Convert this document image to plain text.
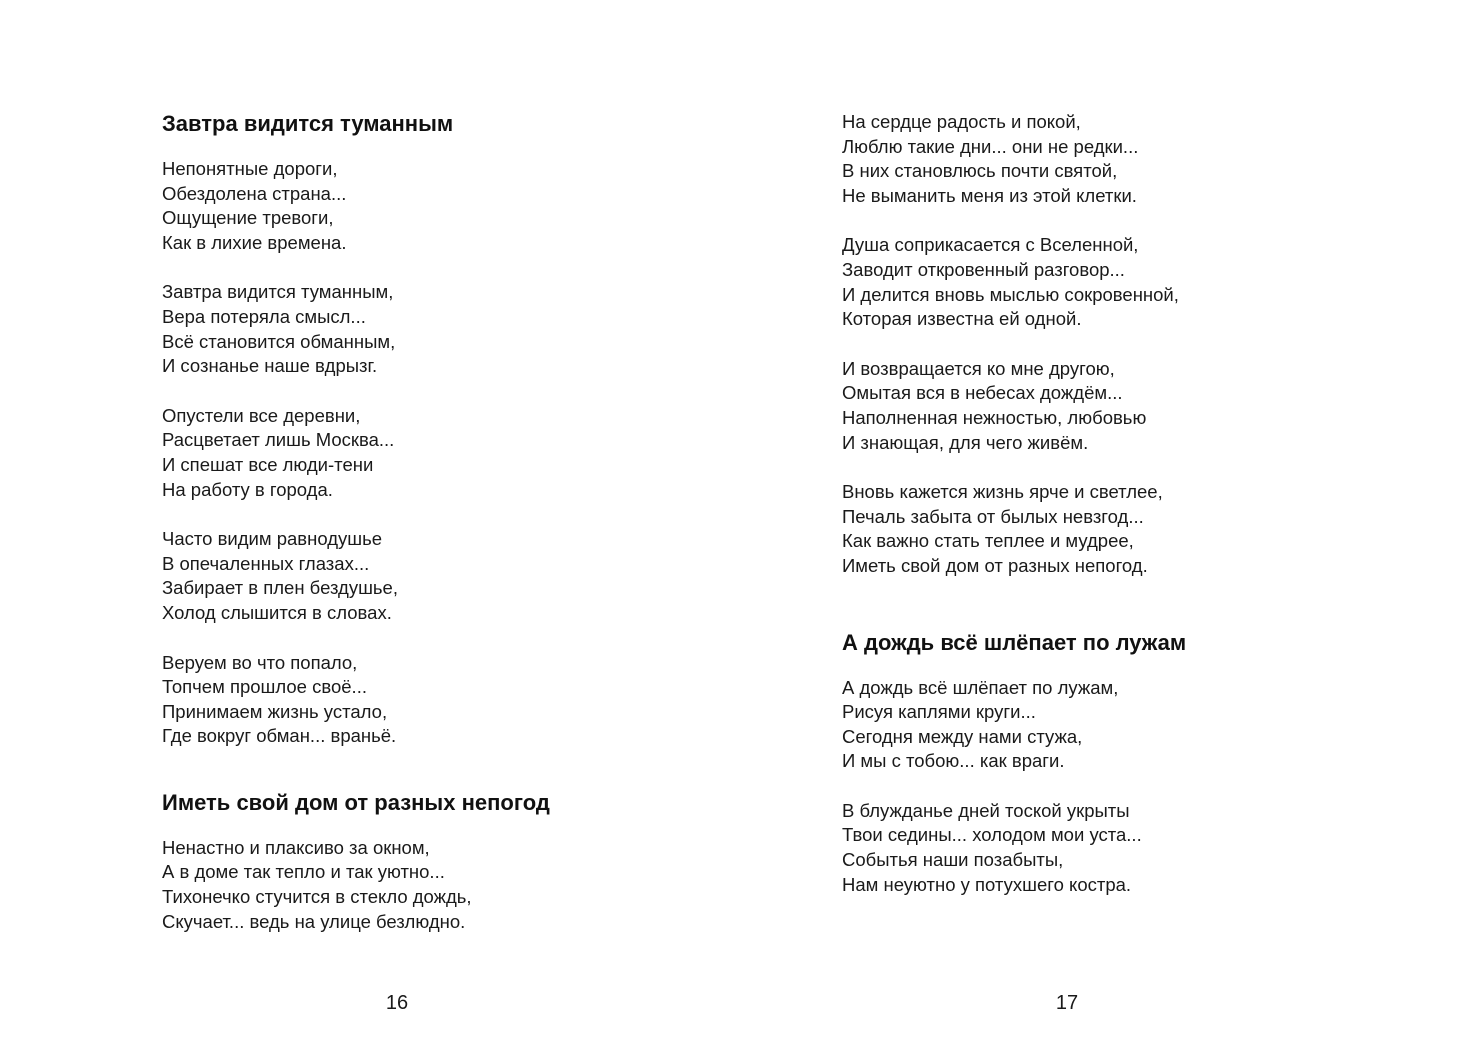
Завтра видится туманным
Непонятные дороги,
Обездолена страна...
Ощущение тревоги,
Как в лихие времена.
Завтра видится туманным,
Вера потеряла смысл...
Всё становится обманным,
И сознанье наше вдрызг.
Опустели все деревни,
Расцветает лишь Москва...
И спешат все люди-тени
На работу в города.
Часто видим равнодушье
В опечаленных глазах...
Забирает в плен бездушье,
Холод слышится в словах.
Веруем во что попало,
Топчем прошлое своё...
Принимаем жизнь устало,
Где вокруг обман... враньё.
Иметь свой дом от разных непогод
Ненастно и плаксиво за окном,
А в доме так тепло и так уютно...
Тихонечко стучится в стекло дождь,
Скучает... ведь на улице безлюдно.
16
На сердце радость и покой,
Люблю такие дни... они не редки...
В них становлюсь почти святой,
Не выманить меня из этой клетки.
Душа соприкасается с Вселенной,
Заводит откровенный разговор...
И делится вновь мыслью сокровенной,
Которая известна ей одной.
И возвращается ко мне другою,
Омытая вся в небесах дождём...
Наполненная нежностью, любовью
И знающая, для чего живём.
Вновь кажется жизнь ярче и светлее,
Печаль забыта от былых невзгод...
Как важно стать теплее и мудрее,
Иметь свой дом от разных непогод.
А дождь всё шлёпает по лужам
А дождь всё шлёпает по лужам,
Рисуя каплями круги...
Сегодня между нами стужа,
И мы с тобою... как враги.
В блужданье дней тоской укрыты
Твои седины... холодом мои уста...
Событья наши позабыты,
Нам неуютно у потухшего костра.
17
